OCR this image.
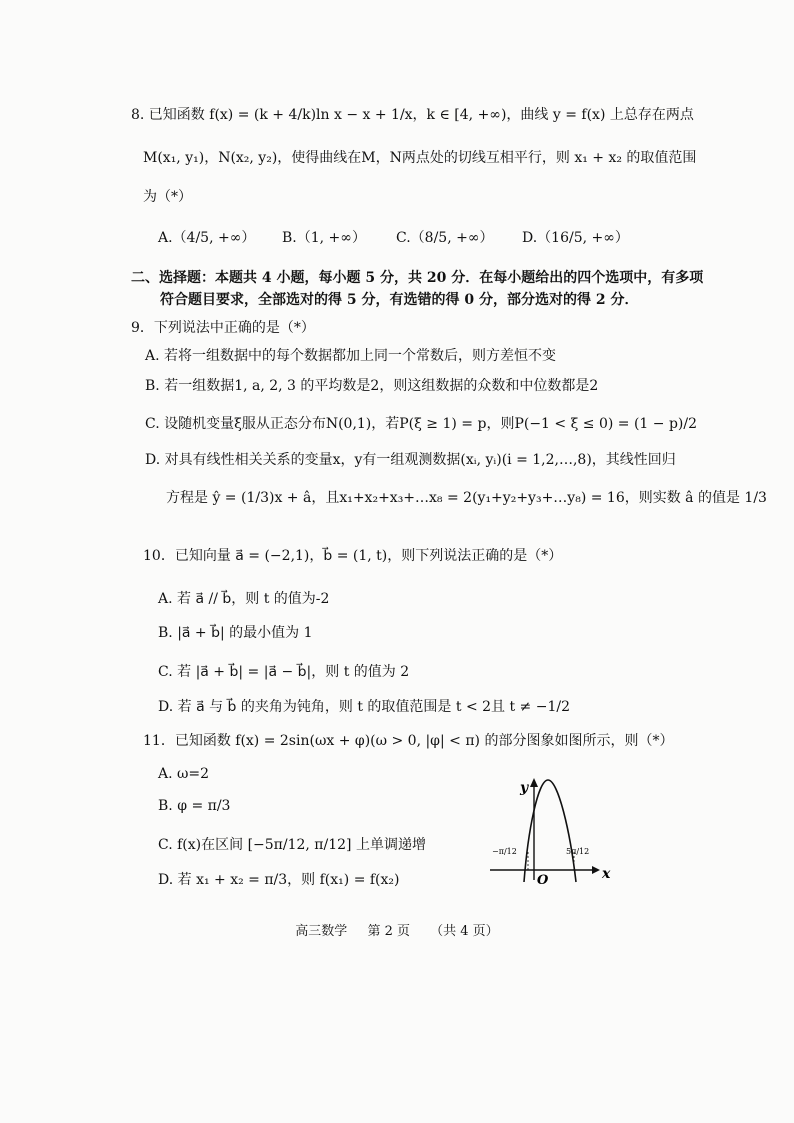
8. 已知函数 f(x) = (k + 4/k)ln x − x + 1/x，k ∈ [4, +∞)，曲线 y = f(x) 上总存在两点
M(x₁, y₁)，N(x₂, y₂)，使得曲线在M，N两点处的切线互相平行，则 x₁ + x₂ 的取值范围
为（*）
A.（4/5, +∞） B.（1, +∞） C.（8/5, +∞） D.（16/5, +∞）
二、选择题：本题共 4 小题，每小题 5 分，共 20 分．在每小题给出的四个选项中，有多项
符合题目要求，全部选对的得 5 分，有选错的得 0 分，部分选对的得 2 分．
9．下列说法中正确的是（*）
A. 若将一组数据中的每个数据都加上同一个常数后，则方差恒不变
B. 若一组数据1, a, 2, 3 的平均数是2，则这组数据的众数和中位数都是2
C. 设随机变量ξ服从正态分布N(0,1)，若P(ξ ≥ 1) = p，则P(−1 < ξ ≤ 0) = (1 − p)/2
D. 对具有线性相关关系的变量x，y有一组观测数据(xᵢ, yᵢ)(i = 1,2,…,8)，其线性回归
方程是 ŷ = (1/3)x + â，且x₁+x₂+x₃+…x₈ = 2(y₁+y₂+y₃+…y₈) = 16，则实数 â 的值是 1/3
10．已知向量 a⃗ = (−2,1)，b⃗ = (1, t)，则下列说法正确的是（*）
A. 若 a⃗ // b⃗，则 t 的值为-2
B. |a⃗ + b⃗| 的最小值为 1
C. 若 |a⃗ + b⃗| = |a⃗ − b⃗|，则 t 的值为 2
D. 若 a⃗ 与 b⃗ 的夹角为钝角，则 t 的取值范围是 t < 2且 t ≠ −1/2
11．已知函数 f(x) = 2sin(ωx + φ)(ω > 0, |φ| < π) 的部分图象如图所示，则（*）
A. ω=2
B. φ = π/3
C. f(x)在区间 [−5π/12, π/12] 上单调递增
D. 若 x₁ + x₂ = π/3，则 f(x₁) = f(x₂)
y
x
O
−π/12	5π/12
高三数学 第 2 页 （共 4 页）
